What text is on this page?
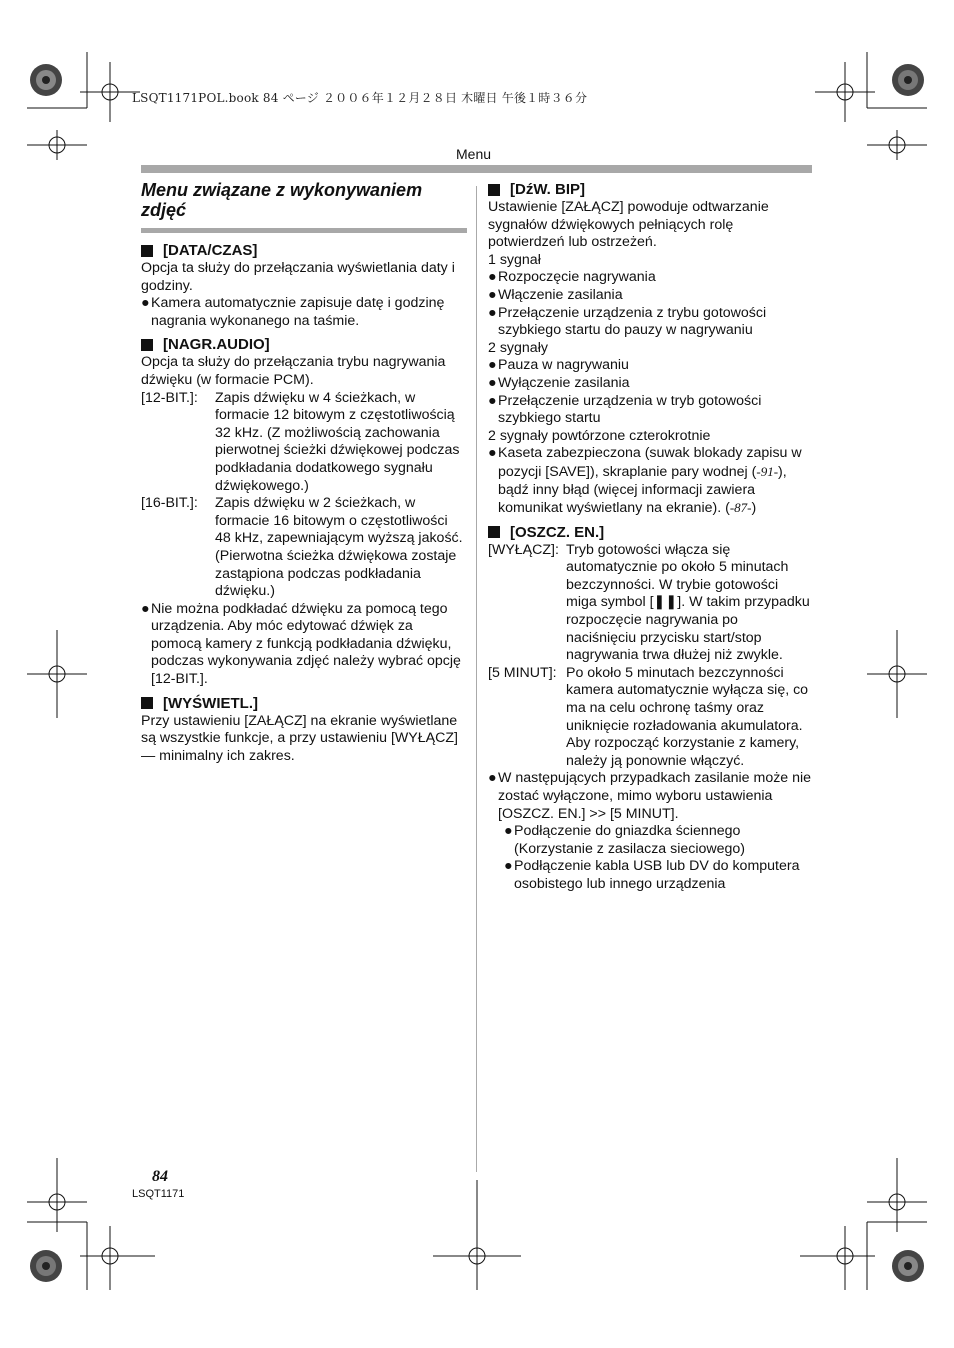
LSQT1171POL.book 84 ページ ２００６年１２月２８日 木曜日 午後１時３６分
Menu

Menu związane z wykonywaniem zdjęć

[DATA/CZAS]

Opcja ta służy do przełączania wyświetlania daty i godziny.

● Kamera automatycznie zapisuje datę i godzinę nagrania wykonanego na taśmie.
[NAGR.AUDIO]

Opcja ta służy do przełączania trybu nagrywania dźwięku (w formacie PCM).

[12-BIT.]:	Zapis dźwięku w 4 ścieżkach, w formacie 12 bitowym z częstotliwością 32 kHz. (Z możliwością zachowania pierwotnej ścieżki dźwiękowej podczas podkładania dodatkowego sygnału dźwiękowego.)
[16-BIT.]:	Zapis dźwięku w 2 ścieżkach, w formacie 16 bitowym o częstotliwości 48 kHz, zapewniającym wyższą jakość. (Pierwotna ścieżka dźwiękowa zostaje zastąpiona podczas podkładania dźwięku.)
● Nie można podkładać dźwięku za pomocą tego urządzenia. Aby móc edytować dźwięk za pomocą kamery z funkcją podkładania dźwięku, podczas wykonywania zdjęć należy wybrać opcję [12-BIT.].
[WYŚWIETL.]

Przy ustawieniu [ZAŁĄCZ] na ekranie wyświetlane są wszystkie funkcje, a przy ustawieniu [WYŁĄCZ] — minimalny ich zakres.

[DźW. BIP]

Ustawienie [ZAŁĄCZ] powoduje odtwarzanie sygnałów dźwiękowych pełniących rolę potwierdzeń lub ostrzeżeń.

1 sygnał

● Rozpoczęcie nagrywania
● Włączenie zasilania
● Przełączenie urządzenia z trybu gotowości szybkiego startu do pauzy w nagrywaniu

2 sygnały

● Pauza w nagrywaniu
● Wyłączenie zasilania
● Przełączenie urządzenia w tryb gotowości szybkiego startu

2 sygnały powtórzone czterokrotnie

● Kaseta zabezpieczona (suwak blokady zapisu w pozycji [SAVE]), skraplanie pary wodnej (-91-), bądź inny błąd (więcej informacji zawiera komunikat wyświetlany na ekranie). (-87-)
[OSZCZ. EN.]
[WYŁĄCZ]: Tryb gotowości włącza się automatycznie po około 5 minutach bezczynności. W trybie gotowości miga symbol [❚❚]. W takim przypadku rozpoczęcie nagrywania po naciśnięciu przycisku start/stop nagrywania trwa dłużej niż zwykle.
[5 MINUT]: Po około 5 minutach bezczynności kamera automatycznie wyłącza się, co ma na celu ochronę taśmy oraz uniknięcie rozładowania akumulatora. Aby rozpocząć korzystanie z kamery, należy ją ponownie włączyć.
● W następujących przypadkach zasilanie może nie zostać wyłączone, mimo wyboru ustawienia [OSZCZ. EN.] >> [5 MINUT].
● Podłączenie do gniazdka ściennego (Korzystanie z zasilacza sieciowego)
● Podłączenie kabla USB lub DV do komputera osobistego lub innego urządzenia
84
LSQT1171
